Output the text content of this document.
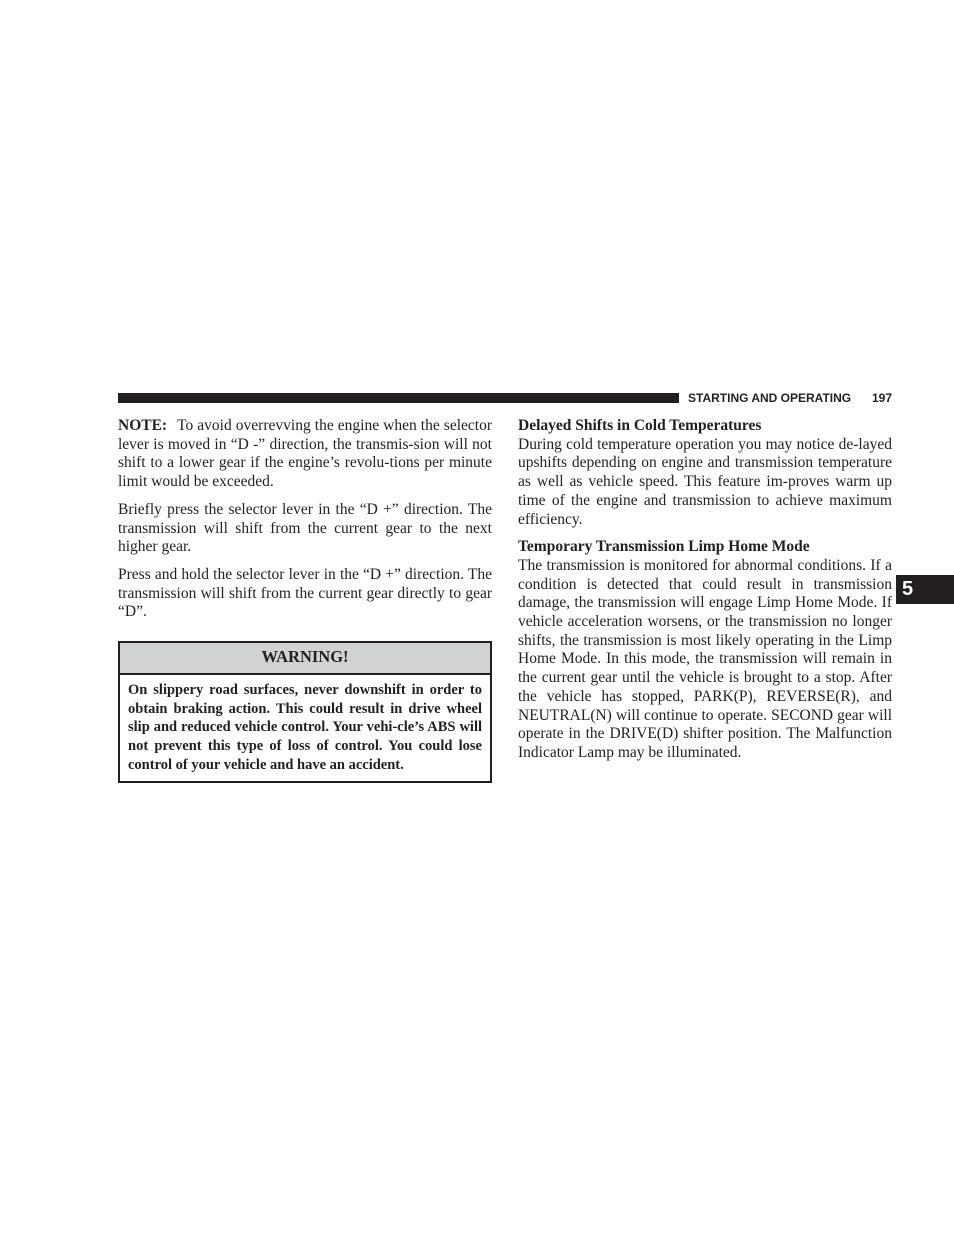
STARTING AND OPERATING 197

NOTE: To avoid overrevving the engine when the selector lever is moved in “D -” direction, the transmis-sion will not shift to a lower gear if the engine’s revolu-tions per minute limit would be exceeded.

Briefly press the selector lever in the “D +” direction. The transmission will shift from the current gear to the next higher gear.

Press and hold the selector lever in the “D +” direction. The transmission will shift from the current gear directly to gear “D”.

WARNING!
On slippery road surfaces, never downshift in order to obtain braking action. This could result in drive wheel slip and reduced vehicle control. Your vehi-cle’s ABS will not prevent this type of loss of control. You could lose control of your vehicle and have an accident.

Delayed Shifts in Cold Temperatures

During cold temperature operation you may notice de-layed upshifts depending on engine and transmission temperature as well as vehicle speed. This feature im-proves warm up time of the engine and transmission to achieve maximum efficiency.

Temporary Transmission Limp Home Mode

The transmission is monitored for abnormal conditions. If a condition is detected that could result in transmission damage, the transmission will engage Limp Home Mode. If vehicle acceleration worsens, or the transmission no longer shifts, the transmission is most likely operating in the Limp Home Mode. In this mode, the transmission will remain in the current gear until the vehicle is brought to a stop. After the vehicle has stopped, PARK(P), REVERSE(R), and NEUTRAL(N) will continue to operate. SECOND gear will operate in the DRIVE(D) shifter position. The Malfunction Indicator Lamp may be illuminated.

5
